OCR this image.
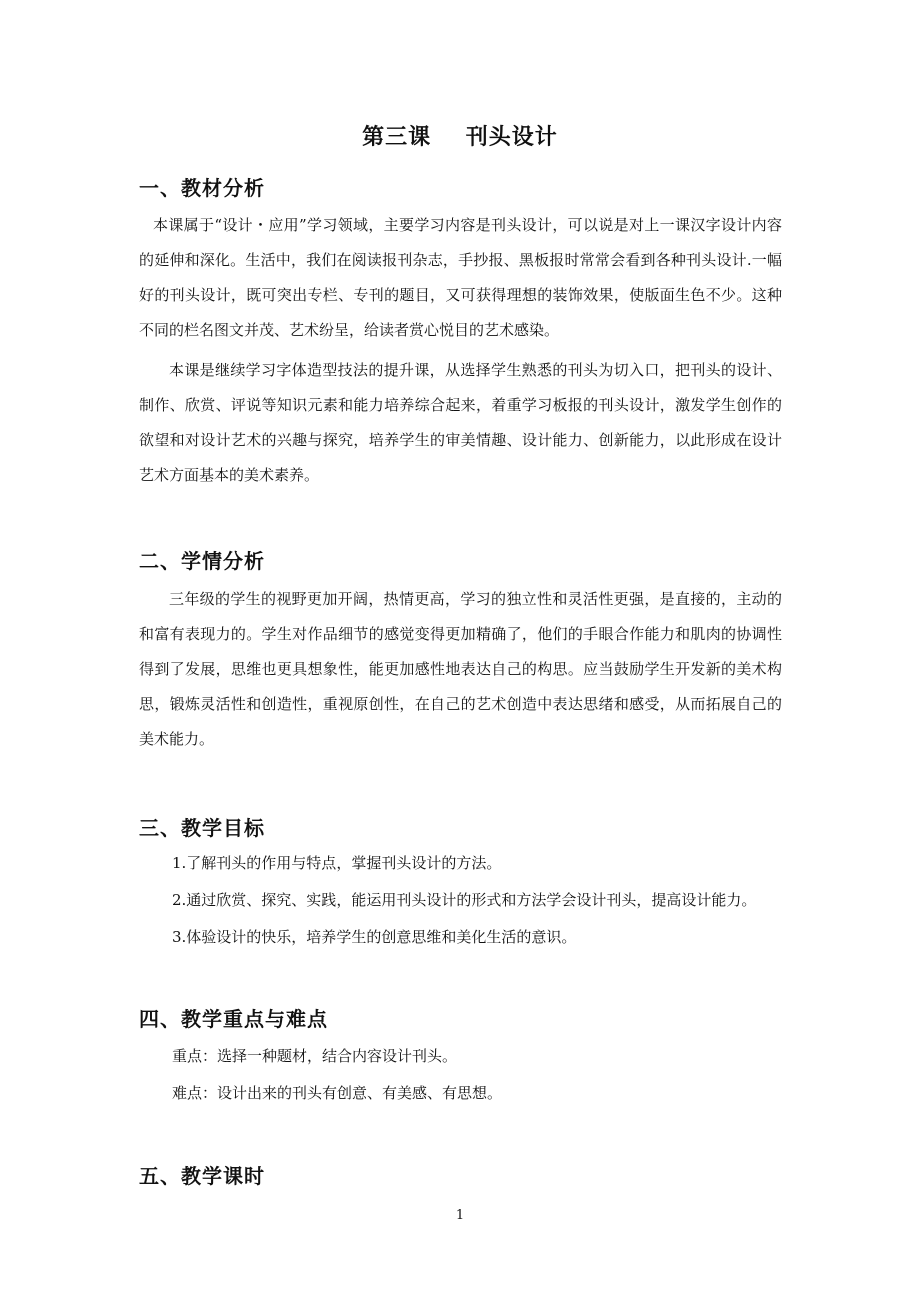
第三课    刊头设计
一、教材分析
本课属于“设计・应用”学习领域，主要学习内容是刊头设计，可以说是对上一课汉字设计内容的延伸和深化。生活中，我们在阅读报刊杂志，手抄报、黑板报时常常会看到各种刊头设计.一幅好的刊头设计，既可突出专栏、专刊的题目，又可获得理想的装饰效果，使版面生色不少。这种不同的栏名图文并茂、艺术纷呈，给读者赏心悦目的艺术感染。
本课是继续学习字体造型技法的提升课，从选择学生熟悉的刊头为切入口，把刊头的设计、制作、欣赏、评说等知识元素和能力培养综合起来，着重学习板报的刊头设计，激发学生创作的欲望和对设计艺术的兴趣与探究，培养学生的审美情趣、设计能力、创新能力，以此形成在设计艺术方面基本的美术素养。
二、学情分析
三年级的学生的视野更加开阔，热情更高，学习的独立性和灵活性更强，是直接的，主动的和富有表现力的。学生对作品细节的感觉变得更加精确了，他们的手眼合作能力和肌肉的协调性得到了发展，思维也更具想象性，能更加感性地表达自己的构思。应当鼓励学生开发新的美术构思，锻炼灵活性和创造性，重视原创性，在自己的艺术创造中表达思绪和感受，从而拓展自己的美术能力。
三、教学目标
1.了解刊头的作用与特点，掌握刊头设计的方法。
2.通过欣赏、探究、实践，能运用刊头设计的形式和方法学会设计刊头，提高设计能力。
3.体验设计的快乐，培养学生的创意思维和美化生活的意识。
四、教学重点与难点
重点：选择一种题材，结合内容设计刊头。
难点：设计出来的刊头有创意、有美感、有思想。
五、教学课时
1
